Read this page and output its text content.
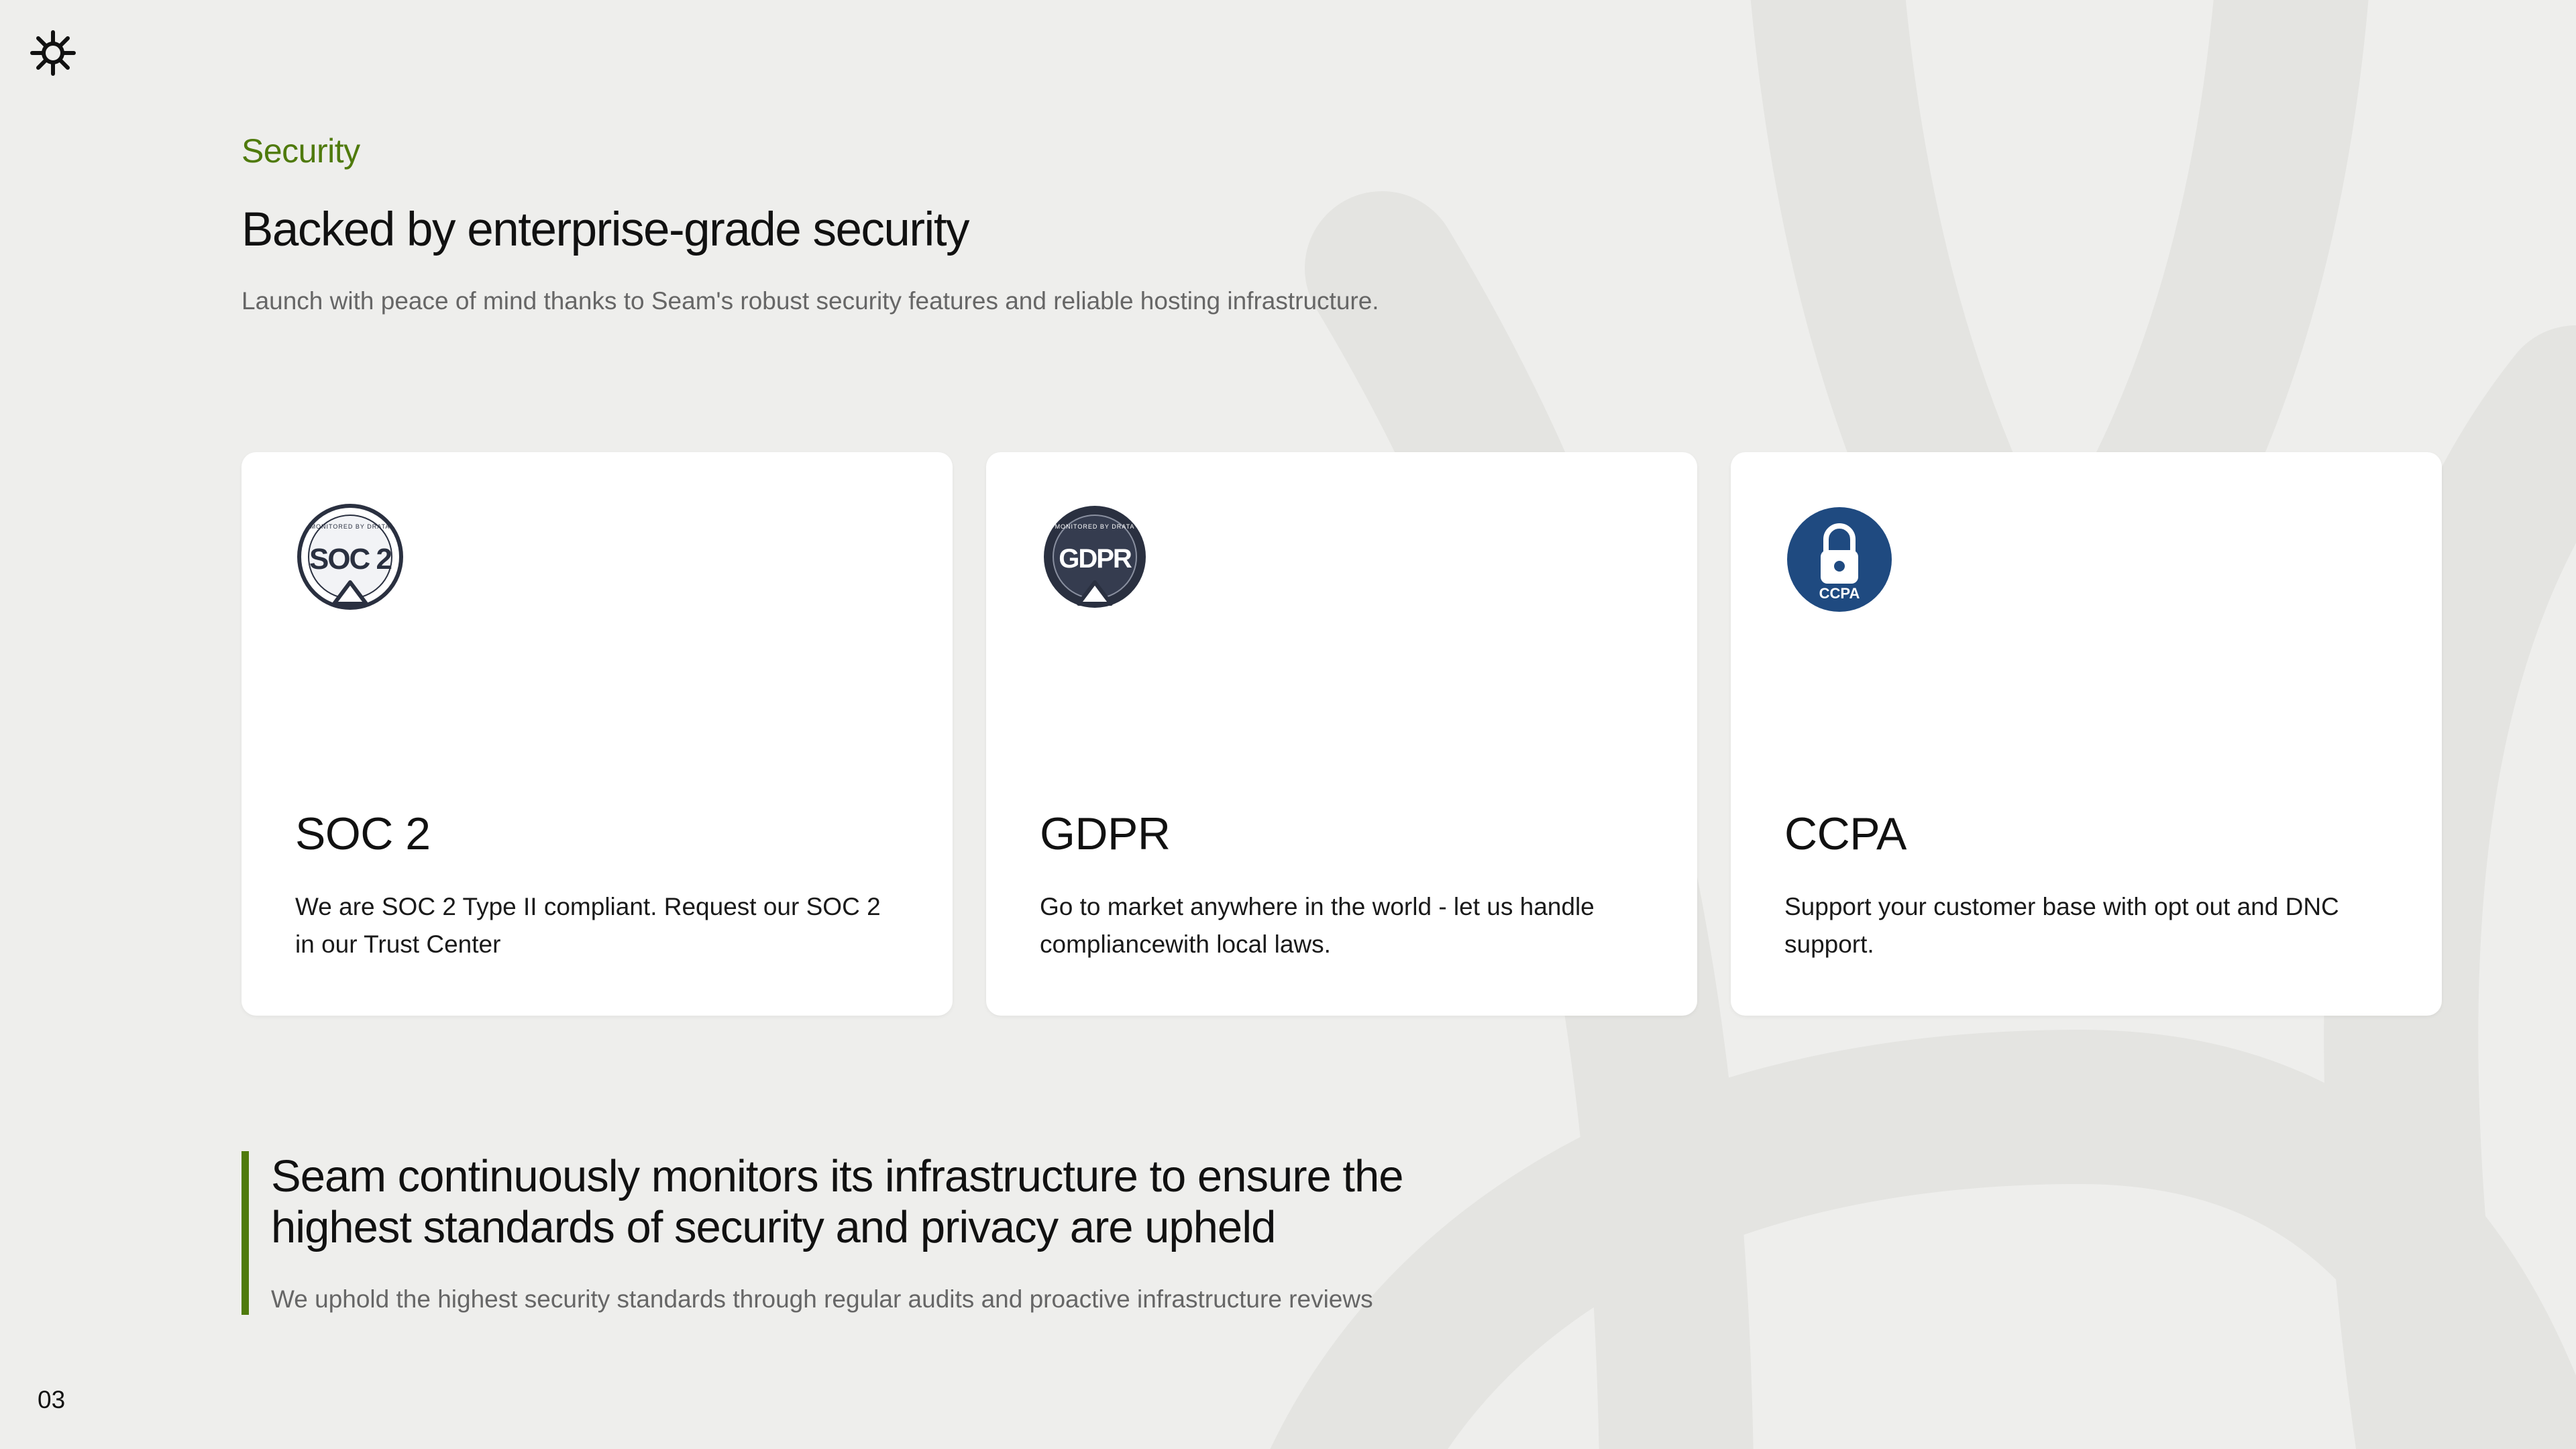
Security
Backed by enterprise-grade security
Launch with peace of mind thanks to Seam's robust security features and reliable hosting infrastructure.
MONITORED BY DRATA
SOC 2
SOC 2
We are SOC 2 Type II compliant. Request our SOC 2 in our Trust Center
MONITORED BY DRATA
GDPR
GDPR
Go to market anywhere in the world - let us handle compliancewith local laws.
CCPA
CCPA
Support your customer base with opt out and DNC support.
Seam continuously monitors its infrastructure to ensure the highest standards of security and privacy are upheld
We uphold the highest security standards through regular audits and proactive infrastructure reviews
03
